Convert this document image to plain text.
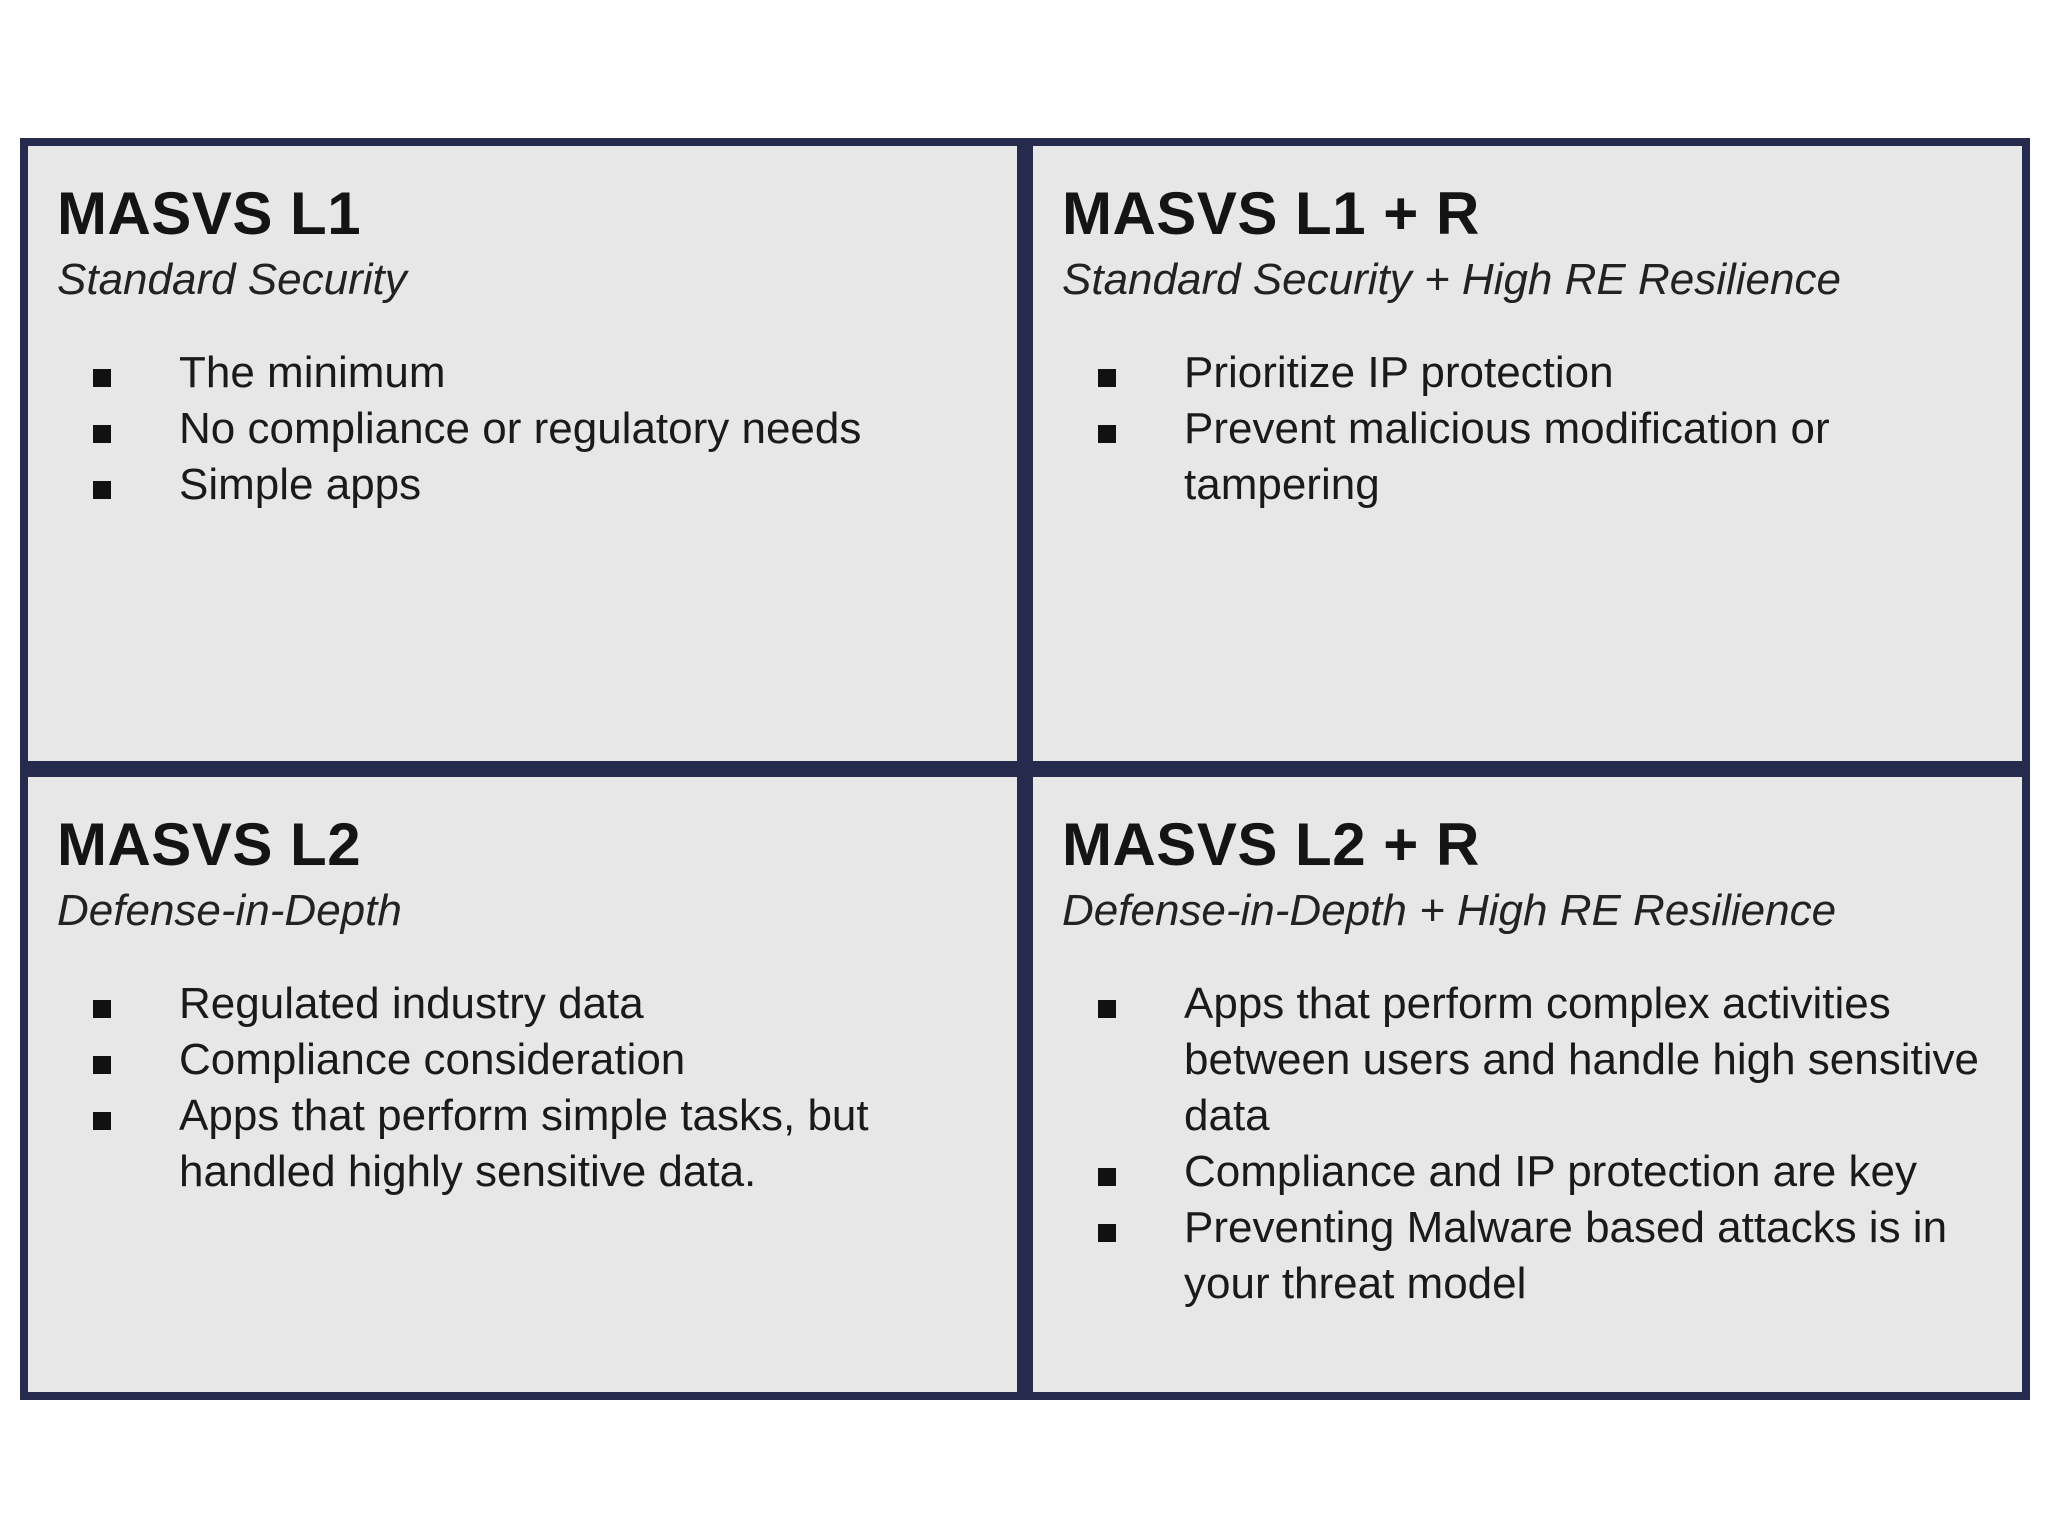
MASVS L1
Standard Security
The minimum
No compliance or regulatory needs
Simple apps
MASVS L1 + R
Standard Security + High RE Resilience
Prioritize IP protection
Prevent malicious modification or tampering
MASVS L2
Defense-in-Depth
Regulated industry data
Compliance consideration
Apps that perform simple tasks, but handled highly sensitive data.
MASVS L2 + R
Defense-in-Depth + High RE Resilience
Apps that perform complex activities between users and handle high sensitive data
Compliance and IP protection are key
Preventing Malware based attacks is in your threat model
